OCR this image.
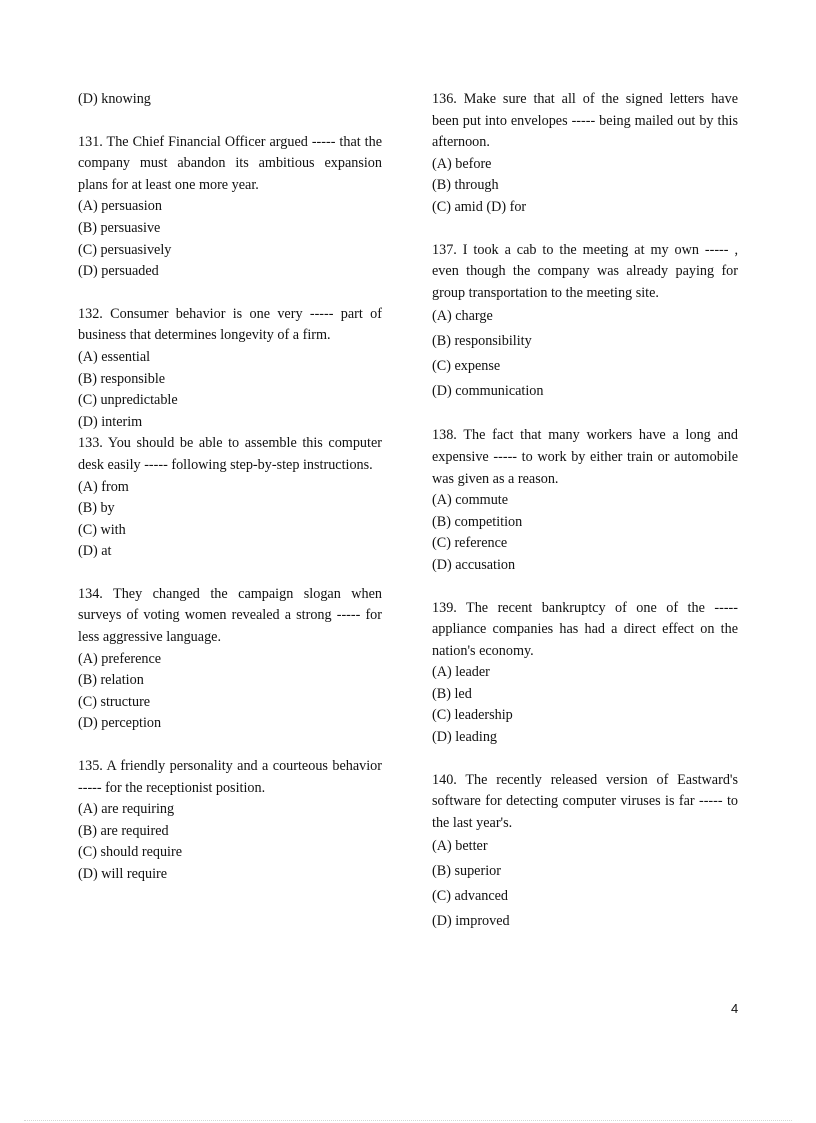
(D) knowing
131. The Chief Financial Officer argued ----- that the company must abandon its ambitious expansion plans for at least one more year.
(A) persuasion
(B) persuasive
(C) persuasively
(D) persuaded
132. Consumer behavior is one very ----- part of business that determines longevity of a firm.
(A) essential
(B) responsible
(C) unpredictable
(D) interim
133. You should be able to assemble this computer desk easily ----- following step-by-step instructions.
(A) from
(B) by
(C) with
(D) at
134. They changed the campaign slogan when surveys of voting women revealed a strong ----- for less aggressive language.
(A) preference
(B) relation
(C) structure
(D) perception
135. A friendly personality and a courteous behavior ----- for the receptionist position.
(A) are requiring
(B) are required
(C) should require
(D) will require
136. Make sure that all of the signed letters have been put into envelopes ----- being mailed out by this afternoon.
(A) before
(B) through
(C) amid (D) for
137. I took a cab to the meeting at my own ----- , even though the company was already paying for group transportation to the meeting site.
(A) charge
(B) responsibility
(C) expense
(D) communication
138. The fact that many workers have a long and expensive ----- to work by either train or automobile was given as a reason.
(A) commute
(B) competition
(C) reference
(D) accusation
139. The recent bankruptcy of one of the ----- appliance companies has had a direct effect on the nation's economy.
(A) leader
(B) led
(C) leadership
(D) leading
140. The recently released version of Eastward's software for detecting computer viruses is far ----- to the last year's.
(A) better
(B) superior
(C) advanced
(D) improved
4
